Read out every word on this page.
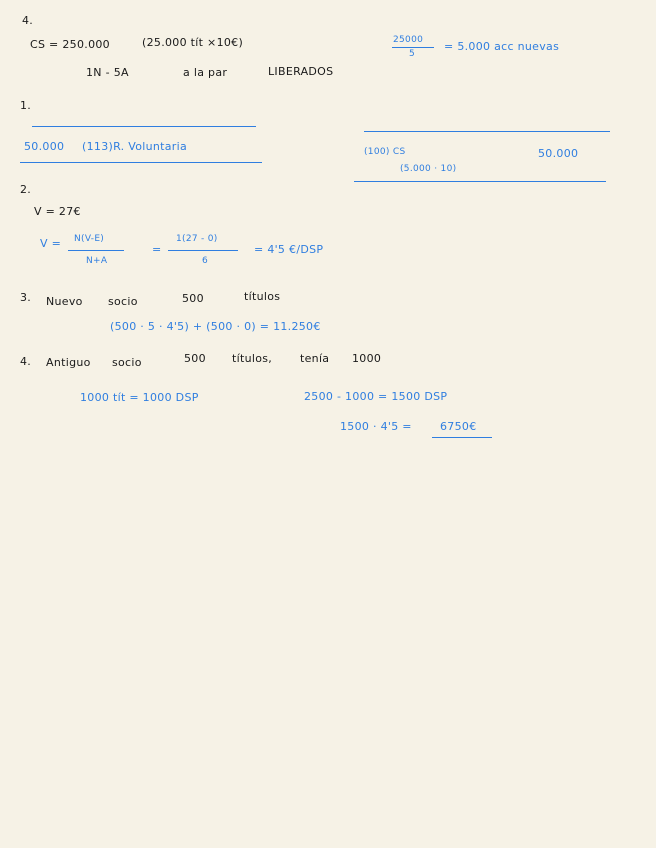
4.
CS = 250.000	(25.000 tít ×10€)
1N - 5A	a la par	LIBERADOS
25000
5
= 5.000 acc nuevas
1.
50.000 (113)R. Voluntaria	(100) CS	50.000
(5.000 · 10)
2.
V = 27€
V = N(V-E)
N+A
=
1(27 - 0)
6
= 4'5 €/DSP
3. Nuevo socio	500	títulos
(500 · 5 · 4'5) + (500 · 0) = 11.250€
4. Antiguo socio	500 títulos,	tenía 1000
1000 tít = 1000 DSP	2500 - 1000 = 1500 DSP
1500 · 4'5 =	6750€
